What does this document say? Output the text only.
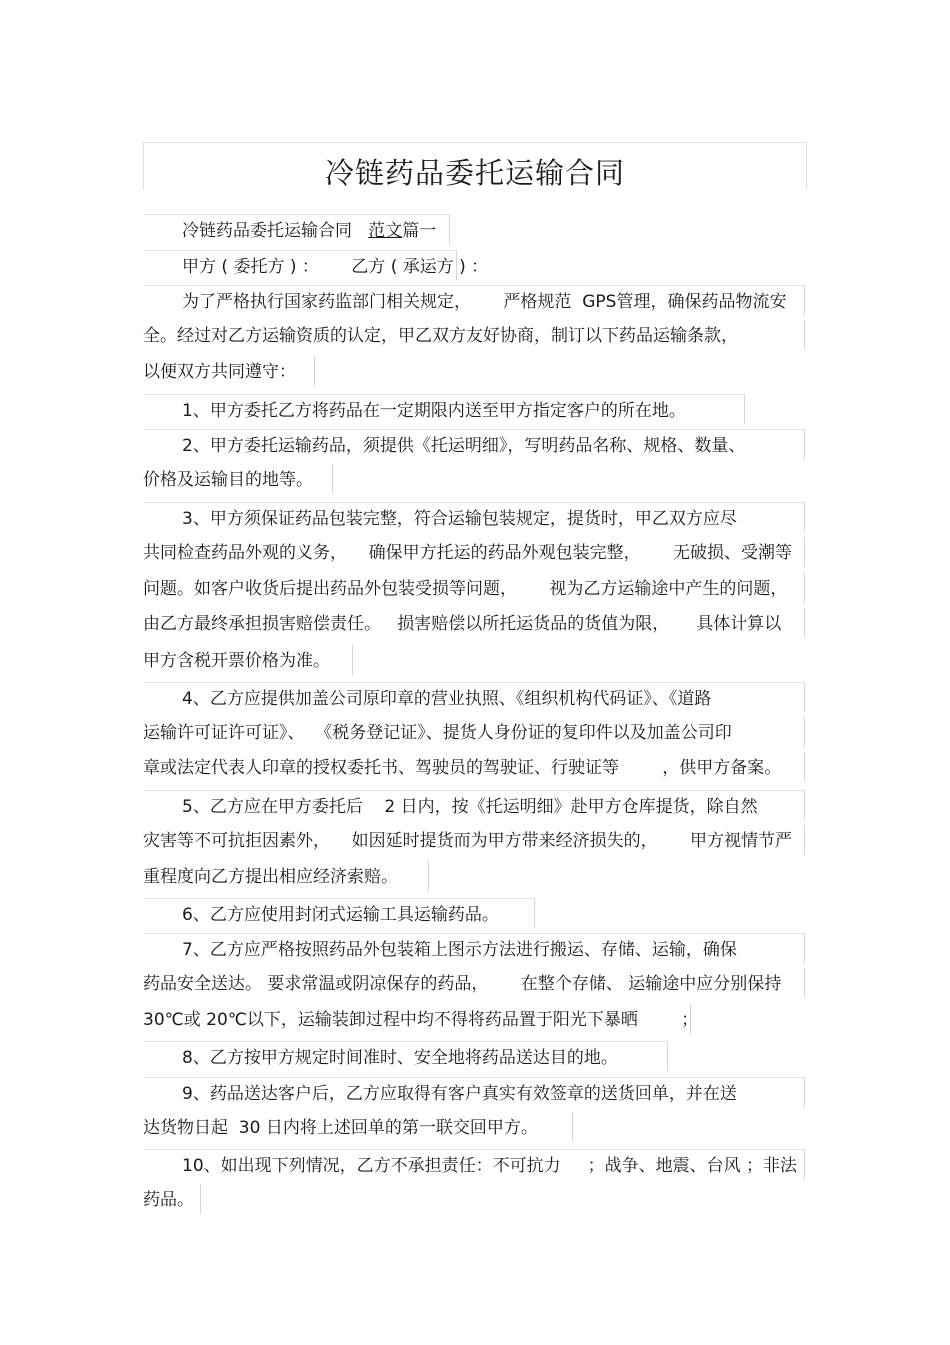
冷链药品委托运输合同
冷链药品委托运输合同   范文篇一
甲方 ( 委托方 ) ：      乙方 ( 承运方 ) ：
为了严格执行国家药监部门相关规定，      严格规范  GPS管理，确保药品物流安
全。经过对乙方运输资质的认定，甲乙双方友好协商，制订以下药品运输条款，
以便双方共同遵守：
1、甲方委托乙方将药品在一定期限内送至甲方指定客户的所在地。
2、甲方委托运输药品，须提供《托运明细》，写明药品名称、规格、数量、
价格及运输目的地等。
3、甲方须保证药品包装完整，符合运输包装规定，提货时，甲乙双方应尽
共同检查药品外观的义务，    确保甲方托运的药品外观包装完整，      无破损、受潮等
问题。如客户收货后提出药品外包装受损等问题，      视为乙方运输途中产生的问题，
由乙方最终承担损害赔偿责任。   损害赔偿以所托运货品的货值为限，     具体计算以
甲方含税开票价格为准。
4、乙方应提供加盖公司原印章的营业执照、《组织机构代码证》、《道路
运输许可证许可证》、  《税务登记证》、提货人身份证的复印件以及加盖公司印
章或法定代表人印章的授权委托书、驾驶员的驾驶证、行驶证等        ，供甲方备案。
5、乙方应在甲方委托后    2 日内，按《托运明细》赴甲方仓库提货，除自然
灾害等不可抗拒因素外，    如因延时提货而为甲方带来经济损失的，      甲方视情节严
重程度向乙方提出相应经济索赔。
6、乙方应使用封闭式运输工具运输药品。
7、乙方应严格按照药品外包装箱上图示方法进行搬运、存储、运输，确保
药品安全送达。 要求常温或阴凉保存的药品，      在整个存储、 运输途中应分别保持
30℃或 20℃以下，运输装卸过程中均不得将药品置于阳光下暴晒        ；
8、乙方按甲方规定时间准时、安全地将药品送达目的地。
9、药品送达客户后，乙方应取得有客户真实有效签章的送货回单，并在送
达货物日起  30 日内将上述回单的第一联交回甲方。
10、如出现下列情况，乙方不承担责任：不可抗力     ；战争、地震、台风 ；非法
药品。
